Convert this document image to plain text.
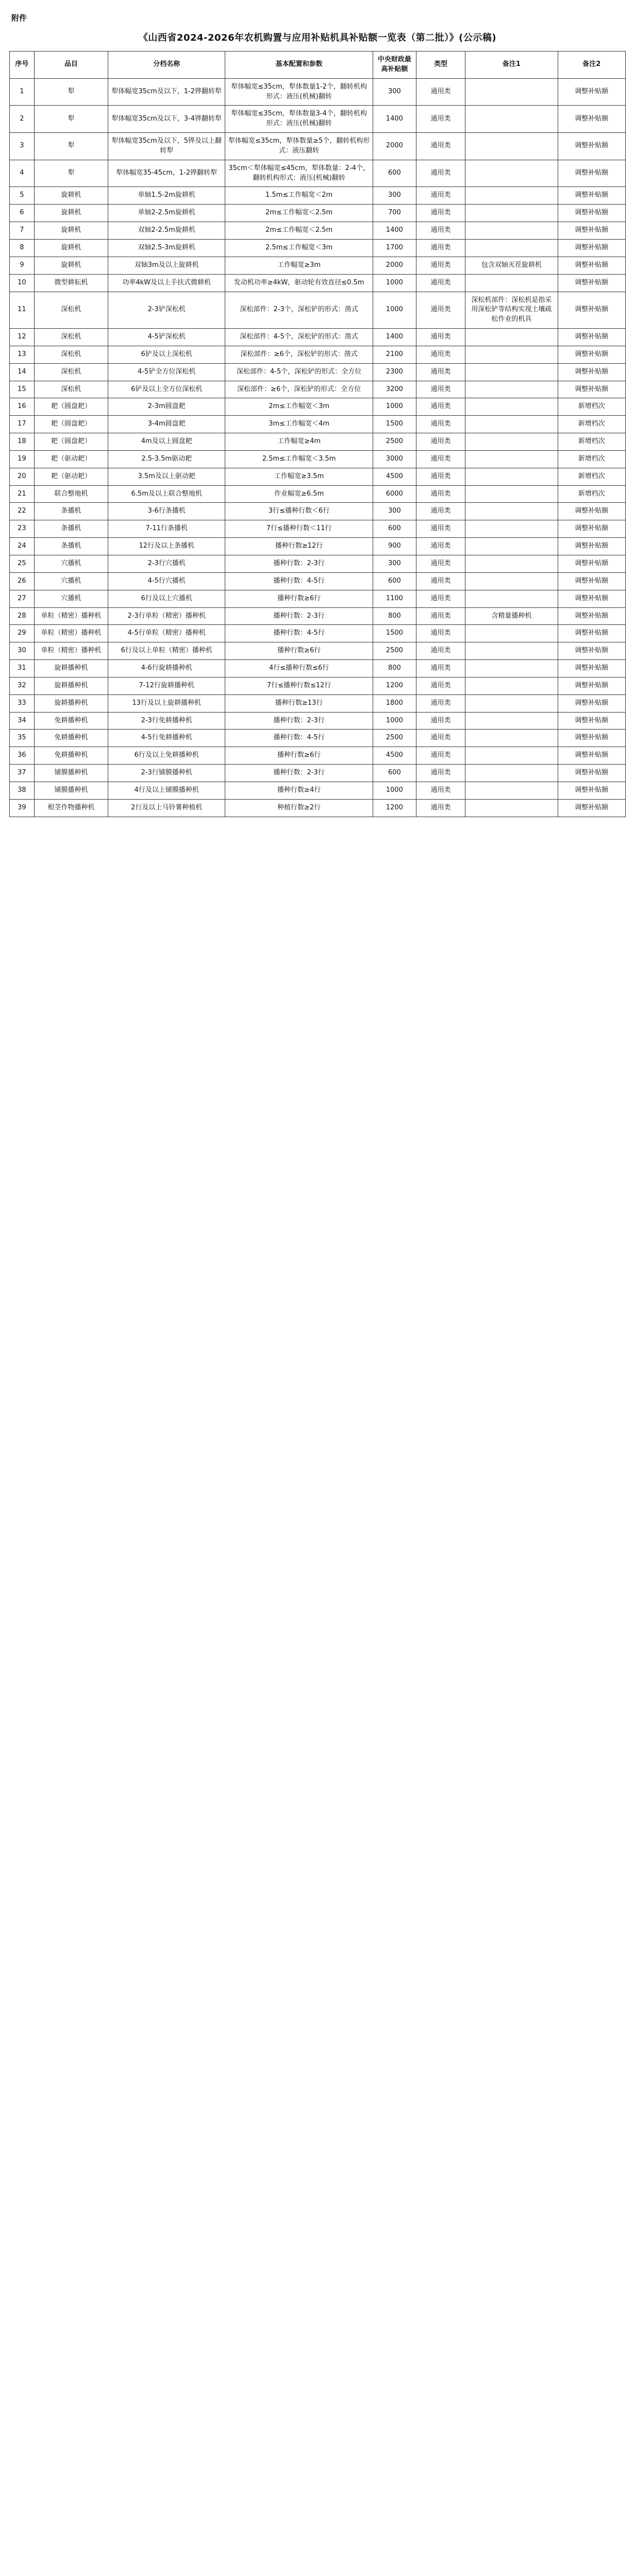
附件
《山西省2024-2026年农机购置与应用补贴机具补贴额一览表（第二批）》(公示稿)
序号	品目	分档名称	基本配置和参数	中央财政最高补贴额	类型	备注1	备注2
1	犁	犁体幅宽35cm及以下，1-2铧翻转犁	犁体幅宽≤35cm，犁体数量1-2个，翻转机构形式：液压(机械)翻转	300	通用类		调整补贴额
2	犁	犁体幅宽35cm及以下，3-4铧翻转犁	犁体幅宽≤35cm，犁体数量3-4个，翻转机构形式：液压(机械)翻转	1400	通用类		调整补贴额
3	犁	犁体幅宽35cm及以下，5铧及以上翻转犁	犁体幅宽≤35cm，犁体数量≥5个，翻转机构形式：液压翻转	2000	通用类		调整补贴额
4	犁	犁体幅宽35-45cm，1-2铧翻转犁	35cm＜犁体幅宽≤45cm，犁体数量：2-4个，翻转机构形式：液压(机械)翻转	600	通用类		调整补贴额
5	旋耕机	单轴1.5-2m旋耕机	1.5m≤工作幅宽＜2m	300	通用类		调整补贴额
6	旋耕机	单轴2-2.5m旋耕机	2m≤工作幅宽＜2.5m	700	通用类		调整补贴额
7	旋耕机	双轴2-2.5m旋耕机	2m≤工作幅宽＜2.5m	1400	通用类		调整补贴额
8	旋耕机	双轴2.5-3m旋耕机	2.5m≤工作幅宽＜3m	1700	通用类		调整补贴额
9	旋耕机	双轴3m及以上旋耕机	工作幅宽≥3m	2000	通用类	包含双轴灭茬旋耕机	调整补贴额
10	微型耕耘机	功率4kW及以上手扶式微耕机	发动机功率≥4kW，驱动轮有效直径≤0.5m	1000	通用类		调整补贴额
11	深松机	2-3铲深松机	深松部件：2-3个，深松铲的形式：凿式	1000	通用类	深松机部件：深松机是指采用深松铲等结构实现土壤疏松作业的机具	调整补贴额
12	深松机	4-5铲深松机	深松部件：4-5个，深松铲的形式：凿式	1400	通用类		调整补贴额
13	深松机	6铲及以上深松机	深松部件：≥6个，深松铲的形式：凿式	2100	通用类		调整补贴额
14	深松机	4-5铲全方位深松机	深松部件：4-5个，深松铲的形式：全方位	2300	通用类		调整补贴额
15	深松机	6铲及以上全方位深松机	深松部件：≥6个，深松铲的形式：全方位	3200	通用类		调整补贴额
16	耙（圆盘耙）	2-3m圆盘耙	2m≤工作幅宽＜3m	1000	通用类		新增档次
17	耙（圆盘耙）	3-4m圆盘耙	3m≤工作幅宽＜4m	1500	通用类		新增档次
18	耙（圆盘耙）	4m及以上圆盘耙	工作幅宽≥4m	2500	通用类		新增档次
19	耙（驱动耙）	2.5-3.5m驱动耙	2.5m≤工作幅宽＜3.5m	3000	通用类		新增档次
20	耙（驱动耙）	3.5m及以上驱动耙	工作幅宽≥3.5m	4500	通用类		新增档次
21	联合整地机	6.5m及以上联合整地机	作业幅宽≥6.5m	6000	通用类		新增档次
22	条播机	3-6行条播机	3行≤播种行数＜6行	300	通用类		调整补贴额
23	条播机	7-11行条播机	7行≤播种行数＜11行	600	通用类		调整补贴额
24	条播机	12行及以上条播机	播种行数≥12行	900	通用类		调整补贴额
25	穴播机	2-3行穴播机	播种行数：2-3行	300	通用类		调整补贴额
26	穴播机	4-5行穴播机	播种行数：4-5行	600	通用类		调整补贴额
27	穴播机	6行及以上穴播机	播种行数≥6行	1100	通用类		调整补贴额
28	单粒（精密）播种机	2-3行单粒（精密）播种机	播种行数：2-3行	800	通用类	含精量播种机	调整补贴额
29	单粒（精密）播种机	4-5行单粒（精密）播种机	播种行数：4-5行	1500	通用类		调整补贴额
30	单粒（精密）播种机	6行及以上单粒（精密）播种机	播种行数≥6行	2500	通用类		调整补贴额
31	旋耕播种机	4-6行旋耕播种机	4行≤播种行数≤6行	800	通用类		调整补贴额
32	旋耕播种机	7-12行旋耕播种机	7行≤播种行数≤12行	1200	通用类		调整补贴额
33	旋耕播种机	13行及以上旋耕播种机	播种行数≥13行	1800	通用类		调整补贴额
34	免耕播种机	2-3行免耕播种机	播种行数：2-3行	1000	通用类		调整补贴额
35	免耕播种机	4-5行免耕播种机	播种行数：4-5行	2500	通用类		调整补贴额
36	免耕播种机	6行及以上免耕播种机	播种行数≥6行	4500	通用类		调整补贴额
37	铺膜播种机	2-3行铺膜播种机	播种行数：2-3行	600	通用类		调整补贴额
38	铺膜播种机	4行及以上铺膜播种机	播种行数≥4行	1000	通用类		调整补贴额
39	根茎作物播种机	2行及以上马铃薯种植机	种植行数≥2行	1200	通用类		调整补贴额
